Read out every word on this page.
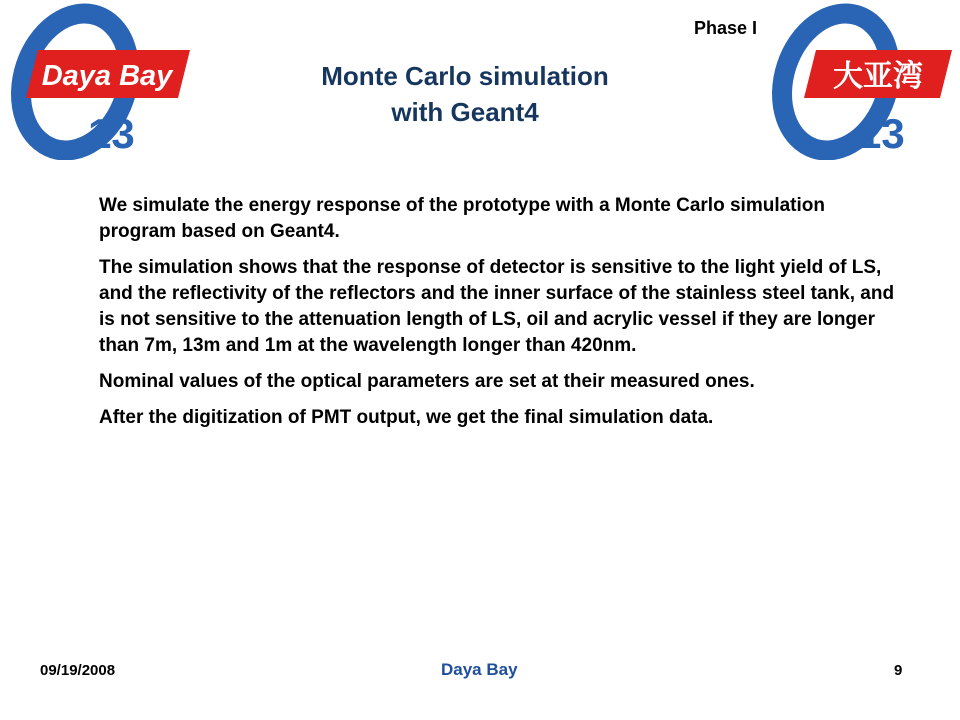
Daya Bay
13
大亚湾
13
Phase I
Monte Carlo simulation
with Geant4

We simulate the energy response of the prototype with a Monte Carlo simulation program based on Geant4.

The simulation shows that the response of detector is sensitive to the light yield of LS, and the reflectivity of the reflectors and the inner surface of the stainless steel tank, and is not sensitive to the attenuation length of LS, oil and acrylic vessel if they are longer than 7m, 13m and 1m at the wavelength longer than 420nm.

Nominal values of the optical parameters are set at their measured ones.

After the digitization of PMT output, we get the final simulation data.

09/19/2008	Daya Bay	9
